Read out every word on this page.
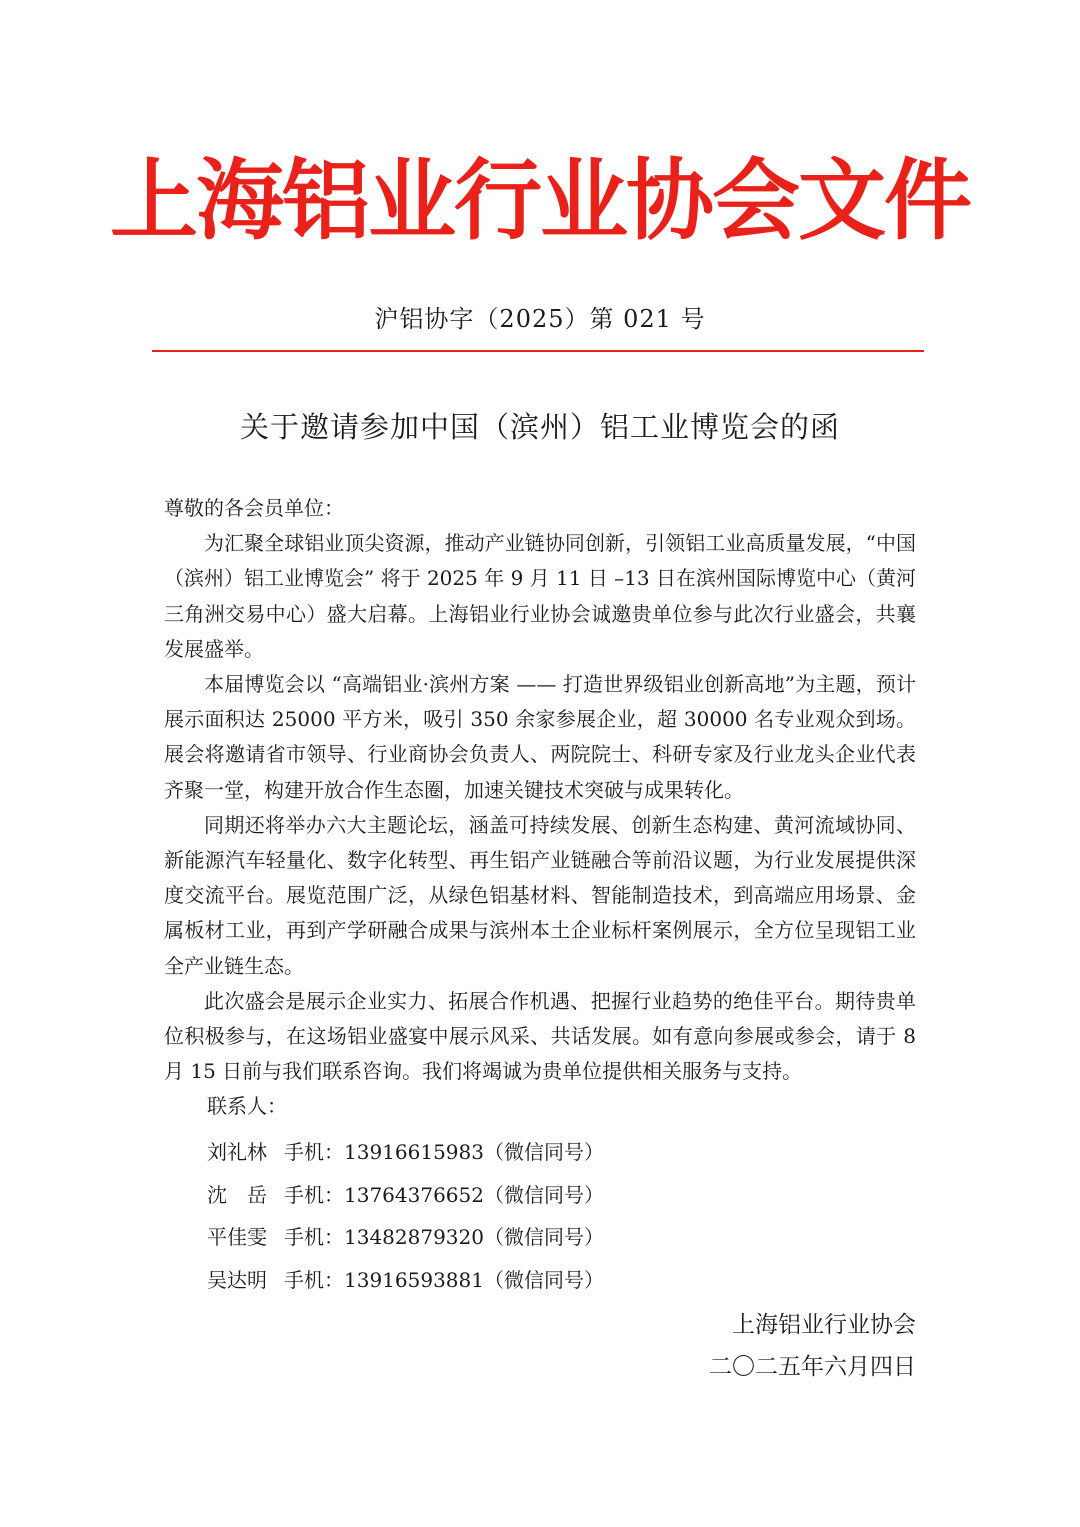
上海铝业行业协会文件
沪铝协字（2025）第 021 号
关于邀请参加中国（滨州）铝工业博览会的函

尊敬的各会员单位：

为汇聚全球铝业顶尖资源，推动产业链协同创新，引领铝工业高质量发展，“中国（滨州）铝工业博览会” 将于 2025 年 9 月 11 日 –13 日在滨州国际博览中心（黄河三角洲交易中心）盛大启幕。上海铝业行业协会诚邀贵单位参与此次行业盛会，共襄发展盛举。

本届博览会以 “高端铝业·滨州方案 —— 打造世界级铝业创新高地”为主题，预计展示面积达 25000 平方米，吸引 350 余家参展企业，超 30000 名专业观众到场。展会将邀请省市领导、行业商协会负责人、两院院士、科研专家及行业龙头企业代表齐聚一堂，构建开放合作生态圈，加速关键技术突破与成果转化。

同期还将举办六大主题论坛，涵盖可持续发展、创新生态构建、黄河流域协同、新能源汽车轻量化、数字化转型、再生铝产业链融合等前沿议题，为行业发展提供深度交流平台。展览范围广泛，从绿色铝基材料、智能制造技术，到高端应用场景、金属板材工业，再到产学研融合成果与滨州本土企业标杆案例展示，全方位呈现铝工业全产业链生态。

此次盛会是展示企业实力、拓展合作机遇、把握行业趋势的绝佳平台。期待贵单位积极参与，在这场铝业盛宴中展示风采、共话发展。如有意向参展或参会，请于 8 月 15 日前与我们联系咨询。我们将竭诚为贵单位提供相关服务与支持。

联系人：

刘礼林 手机：13916615983（微信同号）
沈　岳 手机：13764376652（微信同号）
平佳雯 手机：13482879320（微信同号）
吴达明 手机：13916593881（微信同号）
上海铝业行业协会
二〇二五年六月四日
